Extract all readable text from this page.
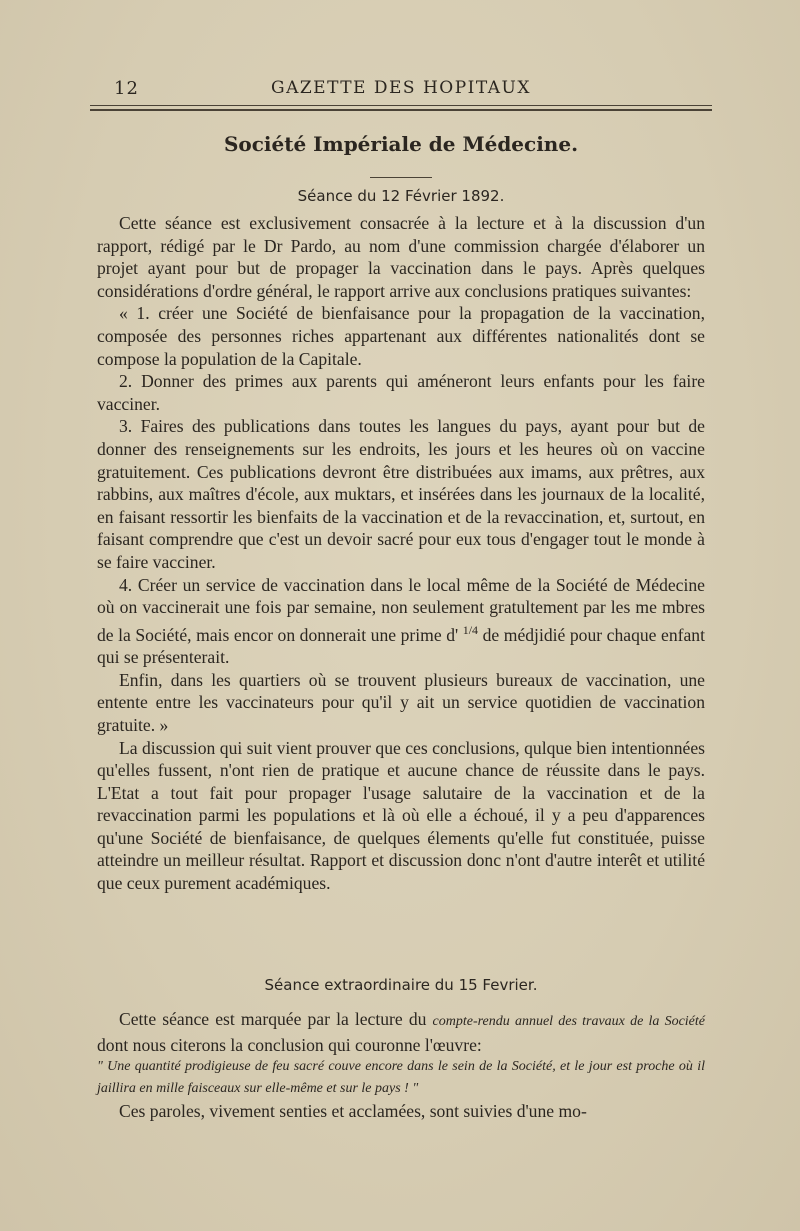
12	GAZETTE DES HOPITAUX
Société Impériale de Médecine.
Séance du 12 Février 1892.

Cette séance est exclusivement consacrée à la lecture et à la discussion d'un rapport, rédigé par le Dr Pardo, au nom d'une commission chargée d'élaborer un projet ayant pour but de propager la vaccination dans le pays. Après quelques considérations d'ordre général, le rapport arrive aux conclusions pratiques suivantes:

« 1. créer une Société de bienfaisance pour la propagation de la vaccination, composée des personnes riches appartenant aux différentes nationalités dont se compose la population de la Capitale.

2. Donner des primes aux parents qui améneront leurs enfants pour les faire vacciner.

3. Faires des publications dans toutes les langues du pays, ayant pour but de donner des renseignements sur les endroits, les jours et les heures où on vaccine gratuitement. Ces publications devront être distribuées aux imams, aux prêtres, aux rabbins, aux maîtres d'école, aux muktars, et insérées dans les journaux de la localité, en faisant ressortir les bienfaits de la vaccination et de la revaccination, et, surtout, en faisant comprendre que c'est un devoir sacré pour eux tous d'engager tout le monde à se faire vacciner.

4. Créer un service de vaccination dans le local même de la Société de Médecine où on vaccinerait une fois par semaine, non seulement gratultement par les me mbres de la Société, mais encor on donnerait une prime d' $^{1/4}$ de médjidié pour chaque enfant qui se présenterait.

Enfin, dans les quartiers où se trouvent plusieurs bureaux de vaccination, une entente entre les vaccinateurs pour qu'il y ait un service quotidien de vaccination gratuite. »

La discussion qui suit vient prouver que ces conclusions, qulque bien intentionnées qu'elles fussent, n'ont rien de pratique et aucune chance de réussite dans le pays. L'Etat a tout fait pour propager l'usage salutaire de la vaccination et de la revaccination parmi les populations et là où elle a échoué, il y a peu d'apparences qu'une Société de bienfaisance, de quelques élements qu'elle fut constituée, puisse atteindre un meilleur résultat. Rapport et discussion donc n'ont d'autre interêt et utilité que ceux purement académiques.

Séance extraordinaire du 15 Fevrier.

Cette séance est marquée par la lecture du compte-rendu annuel des travaux de la Société dont nous citerons la conclusion qui couronne l'œuvre:

" Une quantité prodigieuse de feu sacré couve encore dans le sein de la Société, et le jour est proche où il jaillira en mille faisceaux sur elle-même et sur le pays ! "

Ces paroles, vivement senties et acclamées, sont suivies d'une mo-
